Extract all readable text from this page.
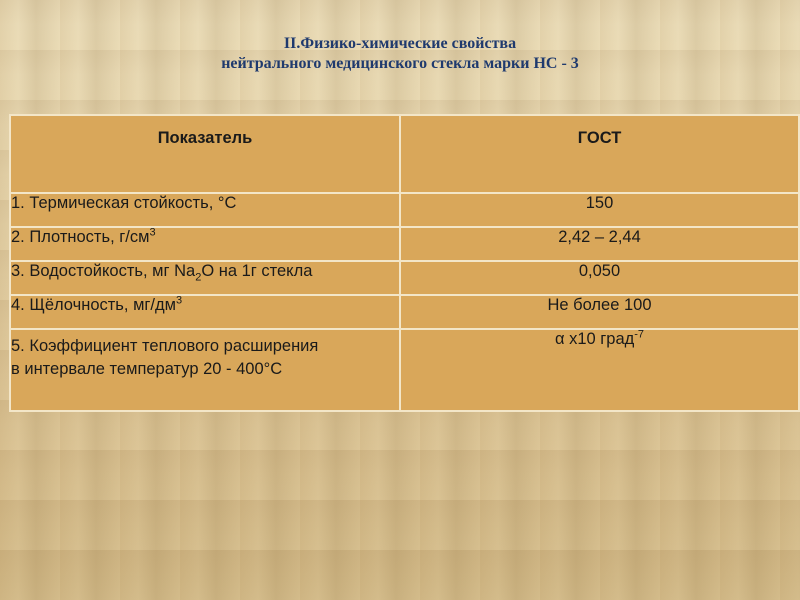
II.Физико-химические свойства
нейтрального медицинского стекла марки НС - 3
Показатель	ГОСТ
1. Термическая стойкость, °С	150
2. Плотность, $г/см^3$	2,42 – 2,44
3. Водостойкость, мг $Na_2O$ на 1г стекла	0,050
4. Щёлочность, $мг/дм^3$	Не более 100

5. Коэффициент теплового расширения
в интервале температур 20 - 400°С	α х10 град$^{-7}$
